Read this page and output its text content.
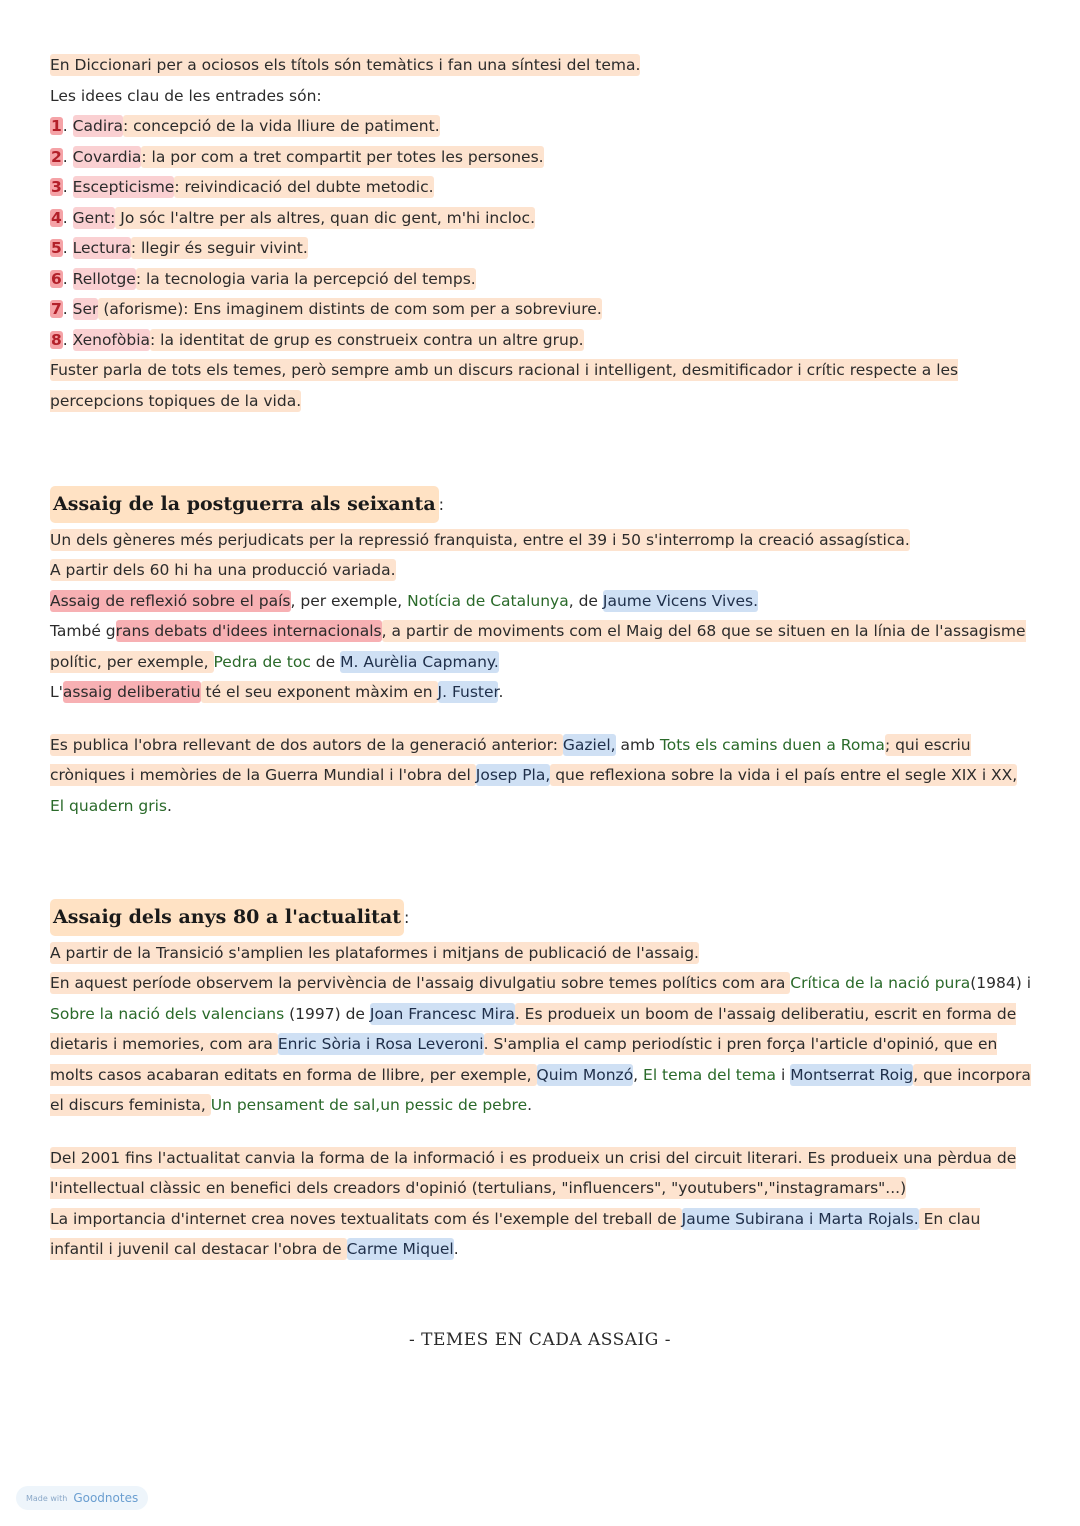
En Diccionari per a ociosos els títols són temàtics i fan una síntesi del tema.

Les idees clau de les entrades són:

1. Cadira: concepció de la vida lliure de patiment.

2. Covardia: la por com a tret compartit per totes les persones.

3. Escepticisme: reivindicació del dubte metodic.

4. Gent: Jo sóc l'altre per als altres, quan dic gent, m'hi incloc.

5. Lectura: llegir és seguir vivint.

6. Rellotge: la tecnologia varia la percepció del temps.

7. Ser (aforisme): Ens imaginem distints de com som per a sobreviure.

8. Xenofòbia: la identitat de grup es construeix contra un altre grup.

Fuster parla de tots els temes, però sempre amb un discurs racional i intelligent, desmitificador i crític respecte a les percepcions topiques de la vida.

Assaig de la postguerra als seixanta :

Un dels gèneres més perjudicats per la repressió franquista, entre el 39 i 50 s'interromp la creació assagística.

A partir dels 60 hi ha una producció variada.

Assaig de reflexió sobre el país, per exemple, Notícia de Catalunya, de Jaume Vicens Vives.

També grans debats d'idees internacionals, a partir de moviments com el Maig del 68 que se situen en la línia de l'assagisme polític, per exemple, Pedra de toc de M. Aurèlia Capmany.

L'assaig deliberatiu té el seu exponent màxim en J. Fuster.

Es publica l'obra rellevant de dos autors de la generació anterior: Gaziel, amb Tots els camins duen a Roma; qui escriu cròniques i memòries de la Guerra Mundial i l'obra del Josep Pla, que reflexiona sobre la vida i el país entre el segle XIX i XX, El quadern gris.

Assaig dels anys 80 a l'actualitat :

A partir de la Transició s'amplien les plataformes i mitjans de publicació de l'assaig.

En aquest període observem la pervivència de l'assaig divulgatiu sobre temes polítics com ara Crítica de la nació pura(1984) i Sobre la nació dels valencians (1997) de Joan Francesc Mira. Es produeix un boom de l'assaig deliberatiu, escrit en forma de dietaris i memories, com ara Enric Sòria i Rosa Leveroni. S'amplia el camp periodístic i pren força l'article d'opinió, que en molts casos acabaran editats en forma de llibre, per exemple, Quim Monzó, El tema del tema i Montserrat Roig, que incorpora el discurs feminista, Un pensament de sal,un pessic de pebre.

Del 2001 fins l'actualitat canvia la forma de la informació i es produeix un crisi del circuit literari. Es produeix una pèrdua de l'intellectual clàssic en benefici dels creadors d'opinió (tertulians, "influencers", "youtubers","instagramars"...)

La importancia d'internet crea noves textualitats com és l'exemple del treball de Jaume Subirana i Marta Rojals. En clau infantil i juvenil cal destacar l'obra de Carme Miquel.

- TEMES EN CADA ASSAIG -
Made with Goodnotes
